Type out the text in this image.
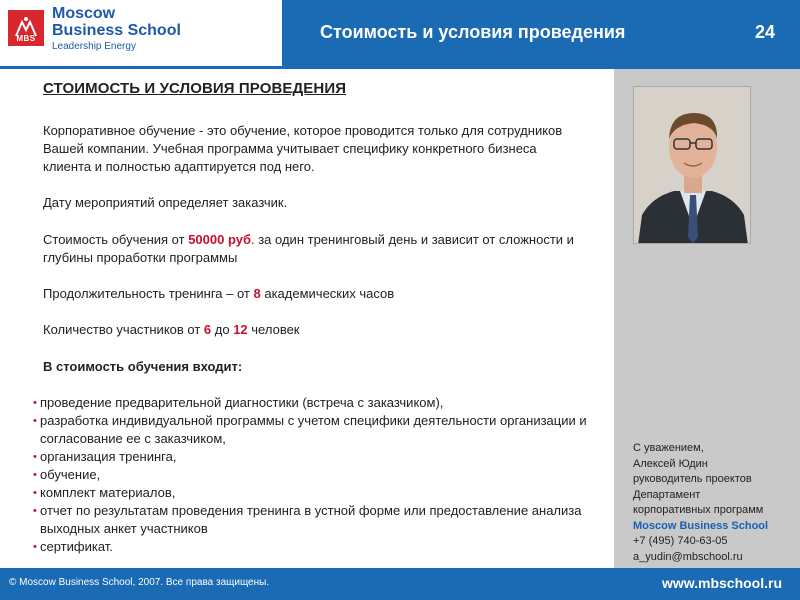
MBS
Moscow
Business School
Leadership Energy
Стоимость и условия проведения	24
СТОИМОСТЬ И УСЛОВИЯ ПРОВЕДЕНИЯ
Корпоративное обучение - это обучение, которое проводится только для сотрудников Вашей компании. Учебная программа учитывает специфику конкретного бизнеса клиента и полностью адаптируется под него.
Дату мероприятий определяет заказчик.
Стоимость обучения от 50000 руб. за один тренинговый день и зависит от сложности и глубины проработки программы
Продолжительность тренинга – от 8 академических часов
Количество участников от 6 до 12 человек
В стоимость обучения входит:
• проведение предварительной диагностики (встреча с заказчиком),
• разработка индивидуальной программы с учетом специфики деятельности организации и согласование ее с заказчиком,
• организация тренинга,
• обучение,
• комплект материалов,
• отчет по результатам проведения тренинга в устной форме или предоставление анализа выходных анкет участников
• сертификат.
С уважением,
Алексей Юдин
руководитель проектов
Департамент
корпоративных программ
Moscow Business School
+7 (495) 740-63-05
a_yudin@mbschool.ru
© Moscow Business School, 2007. Все права защищены.	www.mbschool.ru
